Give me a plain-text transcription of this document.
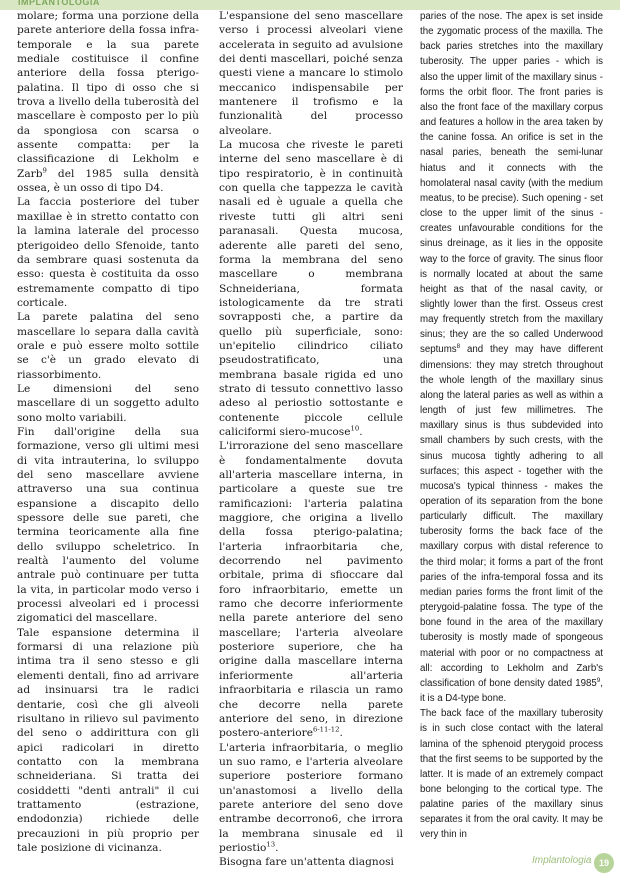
IMPLANTOLOGIA

molare; forma una porzione della parete anteriore della fossa infra-temporale e la sua parete mediale costituisce il confine anteriore della fossa pterigo-palatina. Il tipo di osso che si trova a livello della tuberosità del mascellare è composto per lo più da spongiosa con scarsa o assente compatta: per la classificazione di Lekholm e Zarb$^9$ del 1985 sulla densità ossea, è un osso di tipo D4.

La faccia posteriore del tuber maxillae è in stretto contatto con la lamina laterale del processo pterigoideo dello Sfenoide, tanto da sembrare quasi sostenuta da esso: questa è costituita da osso estremamente compatto di tipo corticale.

La parete palatina del seno mascellare lo separa dalla cavità orale e può essere molto sottile se c'è un grado elevato di riassorbimento.

Le dimensioni del seno mascellare di un soggetto adulto sono molto variabili.

Fin dall'origine della sua formazione, verso gli ultimi mesi di vita intrauterina, lo sviluppo del seno mascellare avviene attraverso una sua continua espansione a discapito dello spessore delle sue pareti, che termina teoricamente alla fine dello sviluppo scheletrico. In realtà l'aumento del volume antrale può continuare per tutta la vita, in particolar modo verso i processi alveolari ed i processi zigomatici del mascellare.

Tale espansione determina il formarsi di una relazione più intima tra il seno stesso e gli elementi dentali, fino ad arrivare ad insinuarsi tra le radici dentarie, così che gli alveoli risultano in rilievo sul pavimento del seno o addirittura con gli apici radicolari in diretto contatto con la membrana schneideriana. Si tratta dei cosiddetti "denti antrali" il cui trattamento (estrazione, endodonzia) richiede delle precauzioni in più proprio per tale posizione di vicinanza.

L'espansione del seno mascellare verso i processi alveolari viene accelerata in seguito ad avulsione dei denti mascellari, poiché senza questi viene a mancare lo stimolo meccanico indispensabile per mantenere il trofismo e la funzionalità del processo alveolare.

La mucosa che riveste le pareti interne del seno mascellare è di tipo respiratorio, è in continuità con quella che tappezza le cavità nasali ed è uguale a quella che riveste tutti gli altri seni paranasali. Questa mucosa, aderente alle pareti del seno, forma la membrana del seno mascellare o membrana Schneideriana, formata istologicamente da tre strati sovrapposti che, a partire da quello più superficiale, sono: un'epitelio cilindrico ciliato pseudostratificato, una membrana basale rigida ed uno strato di tessuto connettivo lasso adeso al periostio sottostante e contenente piccole cellule caliciformi siero-mucose$^{10}$.

L'irrorazione del seno mascellare è fondamentalmente dovuta all'arteria mascellare interna, in particolare a queste sue tre ramificazioni: l'arteria palatina maggiore, che origina a livello della fossa pterigo-palatina; l'arteria infraorbitaria che, decorrendo nel pavimento orbitale, prima di sfioccare dal foro infraorbitario, emette un ramo che decorre inferiormente nella parete anteriore del seno mascellare; l'arteria alveolare posteriore superiore, che ha origine dalla mascellare interna inferiormente all'arteria infraorbitaria e rilascia un ramo che decorre nella parete anteriore del seno, in direzione postero-anteriore$^{6-11-12}$.

L'arteria infraorbitaria, o meglio un suo ramo, e l'arteria alveolare superiore posteriore formano un'anastomosi a livello della parete anteriore del seno dove entrambe decorrono6, che irrora la membrana sinusale ed il periostio$^{13}$.

Bisogna fare un'attenta diagnosi

paries of the nose. The apex is set inside the zygomatic process of the maxilla. The back paries stretches into the maxillary tuberosity. The upper paries - which is also the upper limit of the maxillary sinus - forms the orbit floor. The front paries is also the front face of the maxillary corpus and features a hollow in the area taken by the canine fossa. An orifice is set in the nasal paries, beneath the semi-lunar hiatus and it connects with the homolateral nasal cavity (with the medium meatus, to be precise). Such opening - set close to the upper limit of the sinus - creates unfavourable conditions for the sinus dreinage, as it lies in the opposite way to the force of gravity. The sinus floor is normally located at about the same height as that of the nasal cavity, or slightly lower than the first. Osseus crest may frequently stretch from the maxillary sinus; they are the so called Underwood septums$^8$ and they may have different dimensions: they may stretch throughout the whole length of the maxillary sinus along the lateral paries as well as within a length of just few millimetres. The maxillary sinus is thus subdevided into small chambers by such crests, with the sinus mucosa tightly adhering to all surfaces; this aspect - together with the mucosa's typical thinness - makes the operation of its separation from the bone particularly difficult. The maxillary tuberosity forms the back face of the maxillary corpus with distal reference to the third molar; it forms a part of the front paries of the infra-temporal fossa and its median paries forms the front limit of the pterygoid-palatine fossa. The type of the bone found in the area of the maxillary tuberosity is mostly made of spongeous material with poor or no compactness at all: according to Lekholm and Zarb's classification of bone density dated 1985$^9$, it is a D4-type bone.

The back face of the maxillary tuberosity is in such close contact with the lateral lamina of the sphenoid pterygoid process that the first seems to be supported by the latter. It is made of an extremely compact bone belonging to the cortical type. The palatine paries of the maxillary sinus separates it from the oral cavity. It may be very thin in

Implantologia 19
